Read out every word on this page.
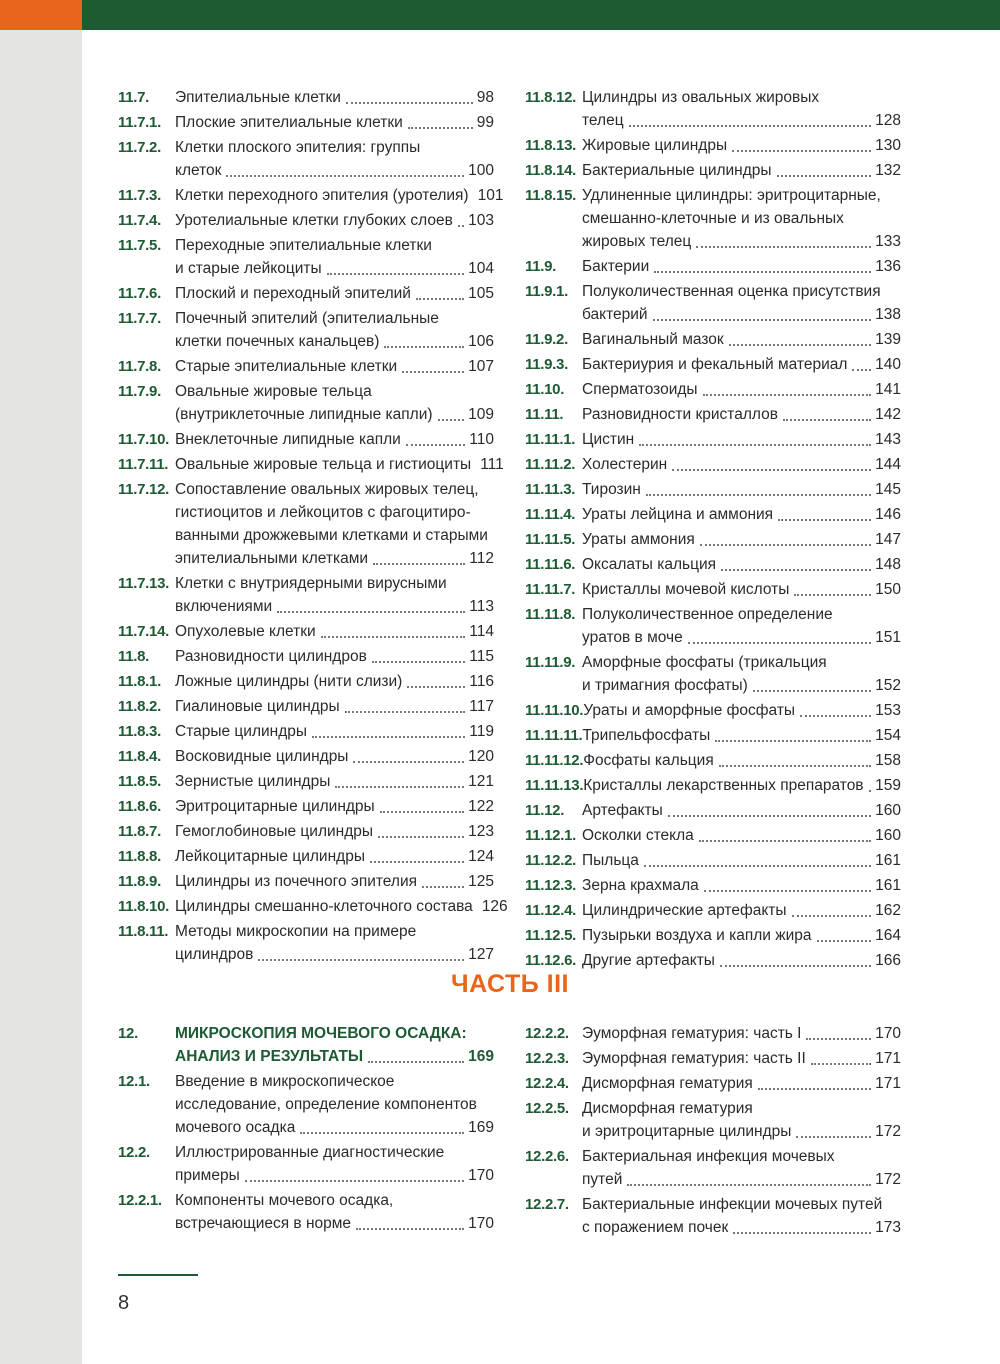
11.7.	Эпителиальные клетки	98
11.7.1. Плоские эпителиальные клетки	99
11.7.2. Клетки плоского эпителия: группы
клеток	100
11.7.3. Клетки переходного эпителия (уротелия) 101
11.7.4. Уротелиальные клетки глубоких слоев 103
11.7.5. Переходные эпителиальные клетки
и старые лейкоциты	104
11.7.6. Плоский и переходный эпителий	105
11.7.7. Почечный эпителий (эпителиальные
клетки почечных канальцев)	106
11.7.8. Старые эпителиальные клетки	107
11.7.9. Овальные жировые тельца
(внутриклеточные липидные капли) 109
11.7.10. Внеклеточные липидные капли	110
11.7.11. Овальные жировые тельца и гистиоциты 111
11.7.12. Сопоставление овальных жировых телец,
гистиоцитов и лейкоцитов с фагоцитиро-
ванными дрожжевыми клетками и старыми
эпителиальными клетками	112
11.7.13. Клетки с внутриядерными вирусными
включениями	113
11.7.14. Опухолевые клетки	114
11.8.	Разновидности цилиндров	115
11.8.1. Ложные цилиндры (нити слизи)	116
11.8.2. Гиалиновые цилиндры	117
11.8.3. Старые цилиндры	119
11.8.4. Восковидные цилиндры	120
11.8.5. Зернистые цилиндры	121
11.8.6. Эритроцитарные цилиндры	122
11.8.7. Гемоглобиновые цилиндры	123
11.8.8. Лейкоцитарные цилиндры	124
11.8.9. Цилиндры из почечного эпителия	125
11.8.10. Цилиндры смешанно-клеточного состава 126
11.8.11. Методы микроскопии на примере
цилиндров	127
11.8.12. Цилиндры из овальных жировых
телец	128
11.8.13. Жировые цилиндры	130
11.8.14. Бактериальные цилиндры	132
11.8.15. Удлиненные цилиндры: эритроцитарные,
смешанно-клеточные и из овальных
жировых телец	133
11.9.	Бактерии	136
11.9.1. Полуколичественная оценка присутствия
бактерий	138
11.9.2. Вагинальный мазок	139
11.9.3. Бактериурия и фекальный материал 140
11.10.	Сперматозоиды	141
11.11.	Разновидности кристаллов	142
11.11.1. Цистин	143
11.11.2. Холестерин	144
11.11.3. Тирозин	145
11.11.4. Ураты лейцина и аммония	146
11.11.5. Ураты аммония	147
11.11.6. Оксалаты кальция	148
11.11.7. Кристаллы мочевой кислоты	150
11.11.8. Полуколичественное определение
уратов в моче	151
11.11.9. Аморфные фосфаты (трикальция
и тримагния фосфаты)	152
11.11.10. Ураты и аморфные фосфаты	153
11.11.11. Трипельфосфаты	154
11.11.12. Фосфаты кальция	158
11.11.13. Кристаллы лекарственных препаратов 159
11.12.	Артефакты	160
11.12.1. Осколки стекла	160
11.12.2. Пыльца	161
11.12.3. Зерна крахмала	161
11.12.4. Цилиндрические артефакты	162
11.12.5. Пузырьки воздуха и капли жира	164
11.12.6. Другие артефакты	166
ЧАСТЬ III
12.	МИКРОСКОПИЯ МОЧЕВОГО ОСАДКА:
АНАЛИЗ И РЕЗУЛЬТАТЫ	169
12.1.	Введение в микроскопическое
исследование, определение компонентов
мочевого осадка	169
12.2.	Иллюстрированные диагностические
примеры	170
12.2.1. Компоненты мочевого осадка,
встречающиеся в норме	170
12.2.2. Эуморфная гематурия: часть I	170
12.2.3. Эуморфная гематурия: часть II	171
12.2.4. Дисморфная гематурия	171
12.2.5. Дисморфная гематурия
и эритроцитарные цилиндры	172
12.2.6. Бактериальная инфекция мочевых
путей	172
12.2.7. Бактериальные инфекции мочевых путей
с поражением почек	173
8
